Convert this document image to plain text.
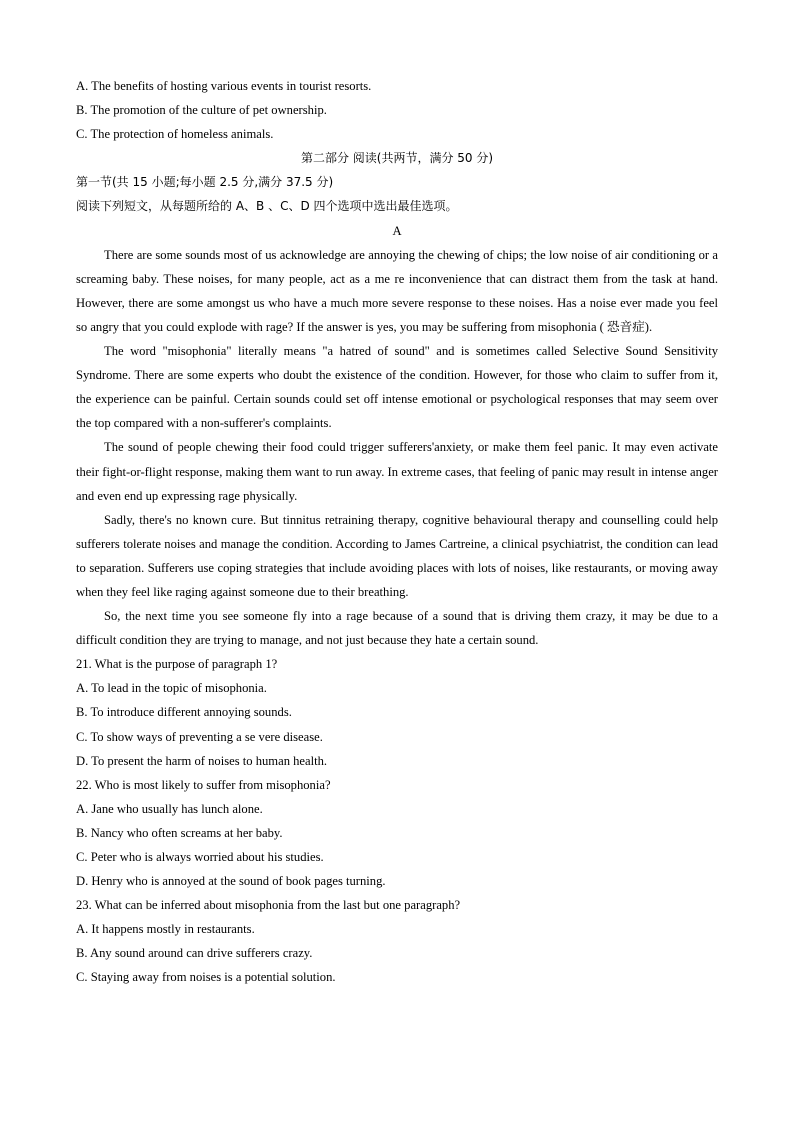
A. The benefits of hosting various events in tourist resorts.
B. The promotion of the culture of pet ownership.
C. The protection of homeless animals.
第二部分 阅读(共两节，满分 50 分)
第一节(共 15 小题;每小题 2.5 分,满分 37.5 分)
阅读下列短文，从每题所给的 A、B 、C、D 四个选项中选出最佳选项。
A
There are some sounds most of us acknowledge are annoying the chewing of chips; the low noise of air conditioning or a screaming baby. These noises, for many people, act as a me re inconvenience that can distract them from the task at hand. However, there are some amongst us who have a much more severe response to these noises. Has a noise ever made you feel so angry that you could explode with rage? If the answer is yes, you may be suffering from misophonia ( 恐音症).
The word "misophonia" literally means "a hatred of sound" and is sometimes called Selective Sound Sensitivity Syndrome. There are some experts who doubt the existence of the condition. However, for those who claim to suffer from it, the experience can be painful. Certain sounds could set off intense emotional or psychological responses that may seem over the top compared with a non-sufferer's complaints.
The sound of people chewing their food could trigger sufferers'anxiety, or make them feel panic. It may even activate their fight-or-flight response, making them want to run away. In extreme cases, that feeling of panic may result in intense anger and even end up expressing rage physically.
Sadly, there's no known cure. But tinnitus retraining therapy, cognitive behavioural therapy and counselling could help sufferers tolerate noises and manage the condition. According to James Cartreine, a clinical psychiatrist, the condition can lead to separation. Sufferers use coping strategies that include avoiding places with lots of noises, like restaurants, or moving away when they feel like raging against someone due to their breathing.
So, the next time you see someone fly into a rage because of a sound that is driving them crazy, it may be due to a difficult condition they are trying to manage, and not just because they hate a certain sound.
21. What is the purpose of paragraph 1?
A. To lead in the topic of misophonia.
B. To introduce different annoying sounds.
C. To show ways of preventing a se vere disease.
D. To present the harm of noises to human health.
22. Who is most likely to suffer from misophonia?
A. Jane who usually has lunch alone.
B. Nancy who often screams at her baby.
C. Peter who is always worried about his studies.
D. Henry who is annoyed at the sound of book pages turning.
23. What can be inferred about misophonia from the last but one paragraph?
A. It happens mostly in restaurants.
B. Any sound around can drive sufferers crazy.
C. Staying away from noises is a potential solution.
